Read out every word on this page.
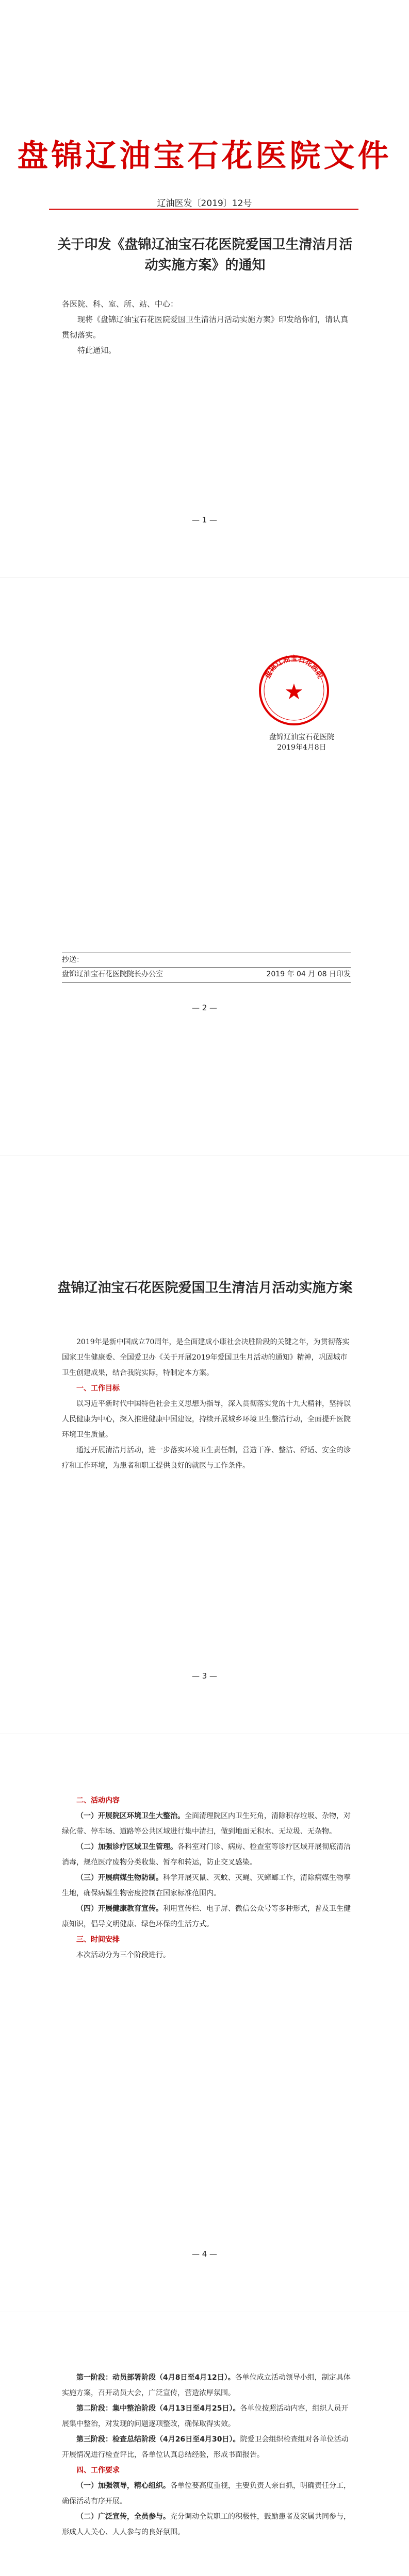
盘锦辽油宝石花医院文件
辽油医发〔2019〕12号
关于印发《盘锦辽油宝石花医院爱国卫生清洁月活动实施方案》的通知

各医院、科、室、所、站、中心：

现将《盘锦辽油宝石花医院爱国卫生清洁月活动实施方案》印发给你们，请认真贯彻落实。

特此通知。

— 1 —
— 2 —
盘锦辽油宝石花医院
★
盘锦辽油宝石花医院
2019年4月8日
抄送：
盘锦辽油宝石花医院院长办公室	2019 年 04 月 08 日印发
— 3 —
盘锦辽油宝石花医院爱国卫生清洁月活动实施方案

2019年是新中国成立70周年，是全面建成小康社会决胜阶段的关键之年，为贯彻落实国家卫生健康委、全国爱卫办《关于开展2019年爱国卫生月活动的通知》精神，巩固城市卫生创建成果，结合我院实际，特制定本方案。

一、工作目标

以习近平新时代中国特色社会主义思想为指导，深入贯彻落实党的十九大精神，坚持以人民健康为中心，深入推进健康中国建设，持续开展城乡环境卫生整洁行动，全面提升医院环境卫生质量。

通过开展清洁月活动，进一步落实环境卫生责任制，营造干净、整洁、舒适、安全的诊疗和工作环境，为患者和职工提供良好的就医与工作条件。

— 4 —

二、活动内容

（一）开展院区环境卫生大整治。全面清理院区内卫生死角，清除积存垃圾、杂物，对绿化带、停车场、道路等公共区域进行集中清扫，做到地面无积水、无垃圾、无杂物。

（二）加强诊疗区域卫生管理。各科室对门诊、病房、检查室等诊疗区域开展彻底清洁消毒，规范医疗废物分类收集、暂存和转运，防止交叉感染。

（三）开展病媒生物防制。科学开展灭鼠、灭蚊、灭蝇、灭蟑螂工作，清除病媒生物孳生地，确保病媒生物密度控制在国家标准范围内。

（四）开展健康教育宣传。利用宣传栏、电子屏、微信公众号等多种形式，普及卫生健康知识，倡导文明健康、绿色环保的生活方式。

三、时间安排

本次活动分为三个阶段进行。

第一阶段：动员部署阶段（4月8日至4月12日）。各单位成立活动领导小组，制定具体实施方案，召开动员大会，广泛宣传，营造浓厚氛围。

第二阶段：集中整治阶段（4月13日至4月25日）。各单位按照活动内容，组织人员开展集中整治，对发现的问题逐项整改，确保取得实效。

第三阶段：检查总结阶段（4月26日至4月30日）。院爱卫会组织检查组对各单位活动开展情况进行检查评比，各单位认真总结经验，形成书面报告。

四、工作要求

（一）加强领导，精心组织。各单位要高度重视，主要负责人亲自抓，明确责任分工，确保活动有序开展。

（二）广泛宣传，全员参与。充分调动全院职工的积极性，鼓励患者及家属共同参与，形成人人关心、人人参与的良好氛围。
